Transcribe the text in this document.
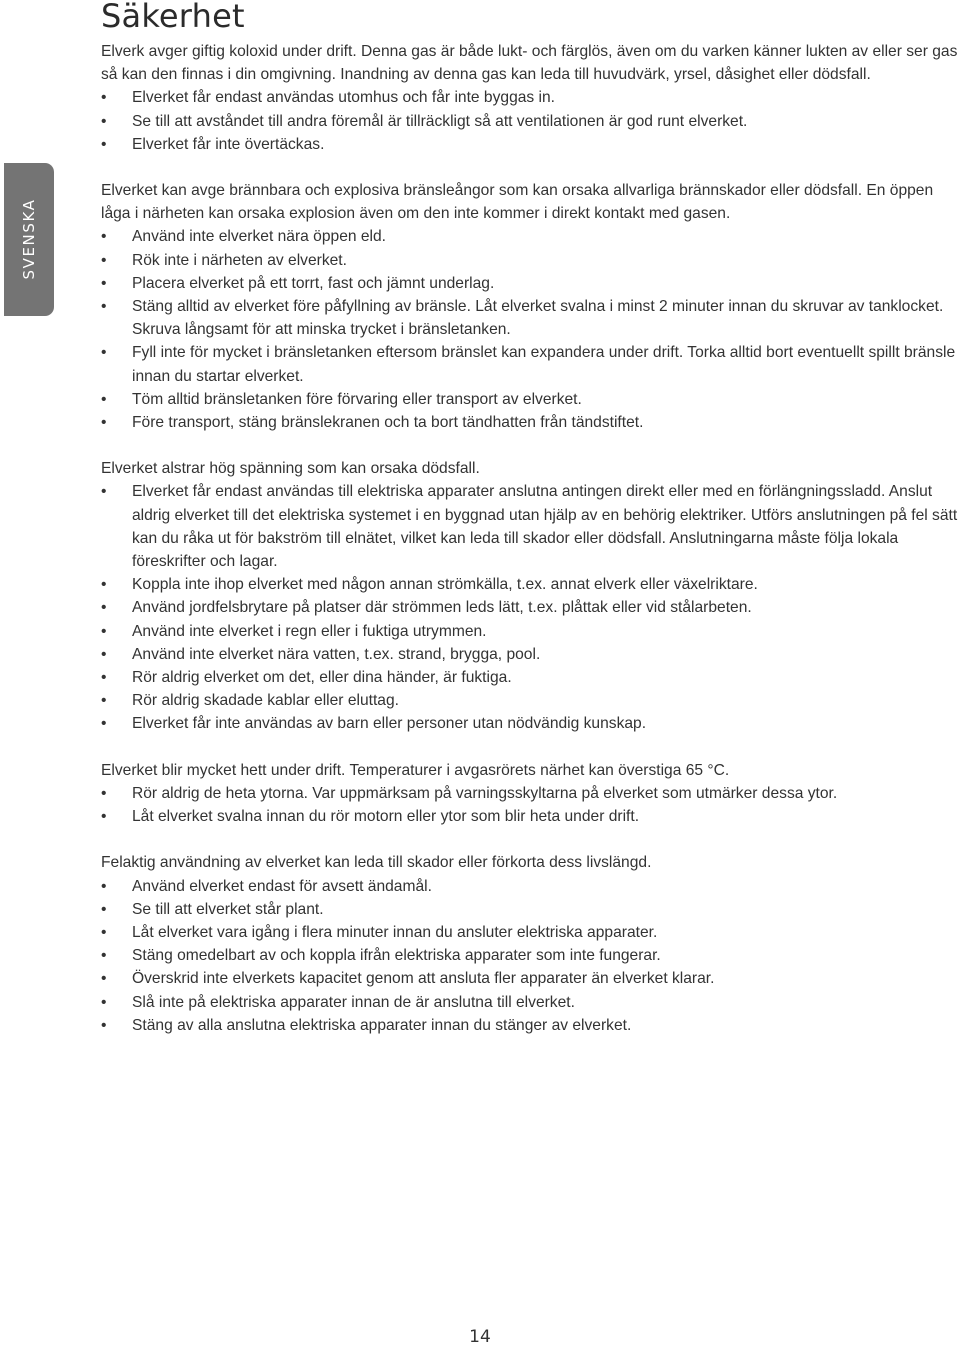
Säkerhet
SVENSKA

Elverk avger giftig koloxid under drift. Denna gas är både lukt- och färglös, även om du varken känner lukten av eller ser gas så kan den finnas i din omgivning. Inandning av denna gas kan leda till huvudvärk, yrsel, dåsighet eller dödsfall.

• Elverket får endast användas utomhus och får inte byggas in.
• Se till att avståndet till andra föremål är tillräckligt så att ventilationen är god runt elverket.
• Elverket får inte övertäckas.

Elverket kan avge brännbara och explosiva bränsleångor som kan orsaka allvarliga brännskador eller dödsfall. En öppen låga i närheten kan orsaka explosion även om den inte kommer i direkt kontakt med gasen.

• Använd inte elverket nära öppen eld.
• Rök inte i närheten av elverket.
• Placera elverket på ett torrt, fast och jämnt underlag.
• Stäng alltid av elverket före påfyllning av bränsle. Låt elverket svalna i minst 2 minuter innan du skruvar av tanklocket. Skruva långsamt för att minska trycket i bränsletanken.
• Fyll inte för mycket i bränsletanken eftersom bränslet kan expandera under drift. Torka alltid bort eventuellt spillt bränsle innan du startar elverket.
• Töm alltid bränsletanken före förvaring eller transport av elverket.
• Före transport, stäng bränslekranen och ta bort tändhatten från tändstiftet.

Elverket alstrar hög spänning som kan orsaka dödsfall.

• Elverket får endast användas till elektriska apparater anslutna antingen direkt eller med en förlängningssladd. Anslut aldrig elverket till det elektriska systemet i en byggnad utan hjälp av en behörig elektriker. Utförs anslutningen på fel sätt kan du råka ut för bakström till elnätet, vilket kan leda till skador eller dödsfall. Anslutningarna måste följa lokala föreskrifter och lagar.
• Koppla inte ihop elverket med någon annan strömkälla, t.ex. annat elverk eller växelriktare.
• Använd jordfelsbrytare på platser där strömmen leds lätt, t.ex. plåttak eller vid stålarbeten.
• Använd inte elverket i regn eller i fuktiga utrymmen.
• Använd inte elverket nära vatten, t.ex. strand, brygga, pool.
• Rör aldrig elverket om det, eller dina händer, är fuktiga.
• Rör aldrig skadade kablar eller eluttag.
• Elverket får inte användas av barn eller personer utan nödvändig kunskap.

Elverket blir mycket hett under drift. Temperaturer i avgasrörets närhet kan överstiga 65 °C.

• Rör aldrig de heta ytorna. Var uppmärksam på varningsskyltarna på elverket som utmärker dessa ytor.
• Låt elverket svalna innan du rör motorn eller ytor som blir heta under drift.

Felaktig användning av elverket kan leda till skador eller förkorta dess livslängd.

• Använd elverket endast för avsett ändamål.
• Se till att elverket står plant.
• Låt elverket vara igång i flera minuter innan du ansluter elektriska apparater.
• Stäng omedelbart av och koppla ifrån elektriska apparater som inte fungerar.
• Överskrid inte elverkets kapacitet genom att ansluta fler apparater än elverket klarar.
• Slå inte på elektriska apparater innan de är anslutna till elverket.
• Stäng av alla anslutna elektriska apparater innan du stänger av elverket.
14
